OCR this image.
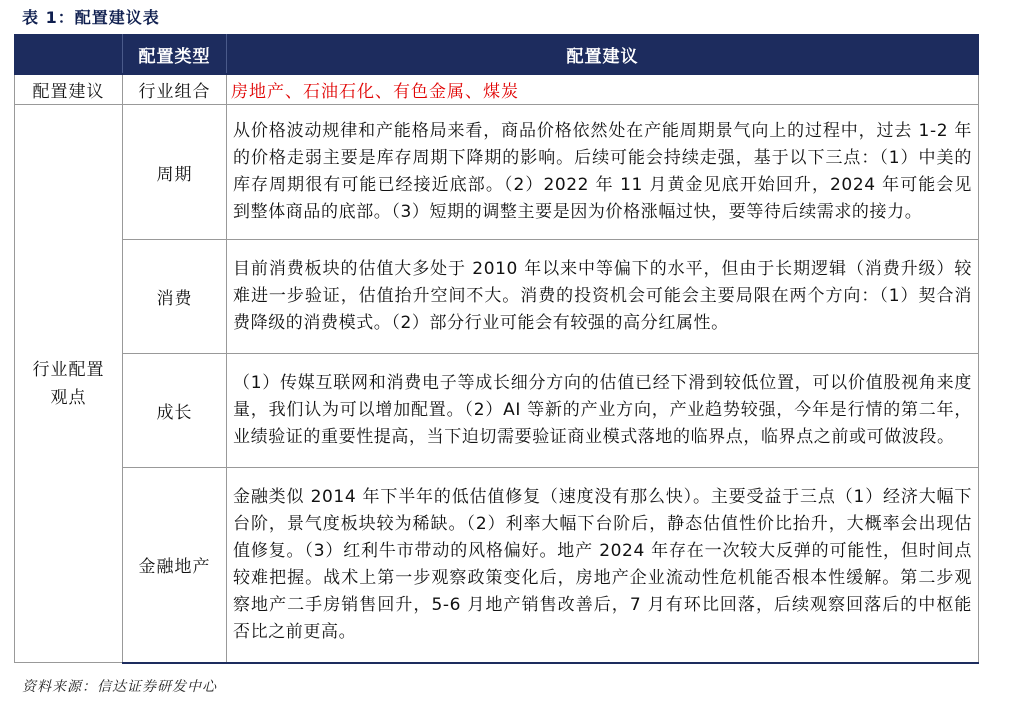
表 1：配置建议表
	配置类型	配置建议
配置建议	行业组合	房地产、石油石化、有色金属、煤炭
行业配置观点	周期	从价格波动规律和产能格局来看，商品价格依然处在产能周期景气向上的过程中，过去 1-2 年的价格走弱主要是库存周期下降期的影响。后续可能会持续走强，基于以下三点：（1）中美的库存周期很有可能已经接近底部。（2）2022 年 11 月黄金见底开始回升，2024 年可能会见到整体商品的底部。（3）短期的调整主要是因为价格涨幅过快，要等待后续需求的接力。
	消费	目前消费板块的估值大多处于 2010 年以来中等偏下的水平，但由于长期逻辑（消费升级）较难进一步验证，估值抬升空间不大。消费的投资机会可能会主要局限在两个方向：（1）契合消费降级的消费模式。（2）部分行业可能会有较强的高分红属性。
	成长	（1）传媒互联网和消费电子等成长细分方向的估值已经下滑到较低位置，可以价值股视角来度量，我们认为可以增加配置。（2）AI 等新的产业方向，产业趋势较强，今年是行情的第二年，业绩验证的重要性提高，当下迫切需要验证商业模式落地的临界点，临界点之前或可做波段。
	金融地产	金融类似 2014 年下半年的低估值修复（速度没有那么快）。主要受益于三点（1）经济大幅下台阶，景气度板块较为稀缺。（2）利率大幅下台阶后，静态估值性价比抬升，大概率会出现估值修复。（3）红利牛市带动的风格偏好。地产 2024 年存在一次较大反弹的可能性，但时间点较难把握。战术上第一步观察政策变化后，房地产企业流动性危机能否根本性缓解。第二步观察地产二手房销售回升，5-6 月地产销售改善后，7 月有环比回落，后续观察回落后的中枢能否比之前更高。
资料来源：信达证券研发中心
